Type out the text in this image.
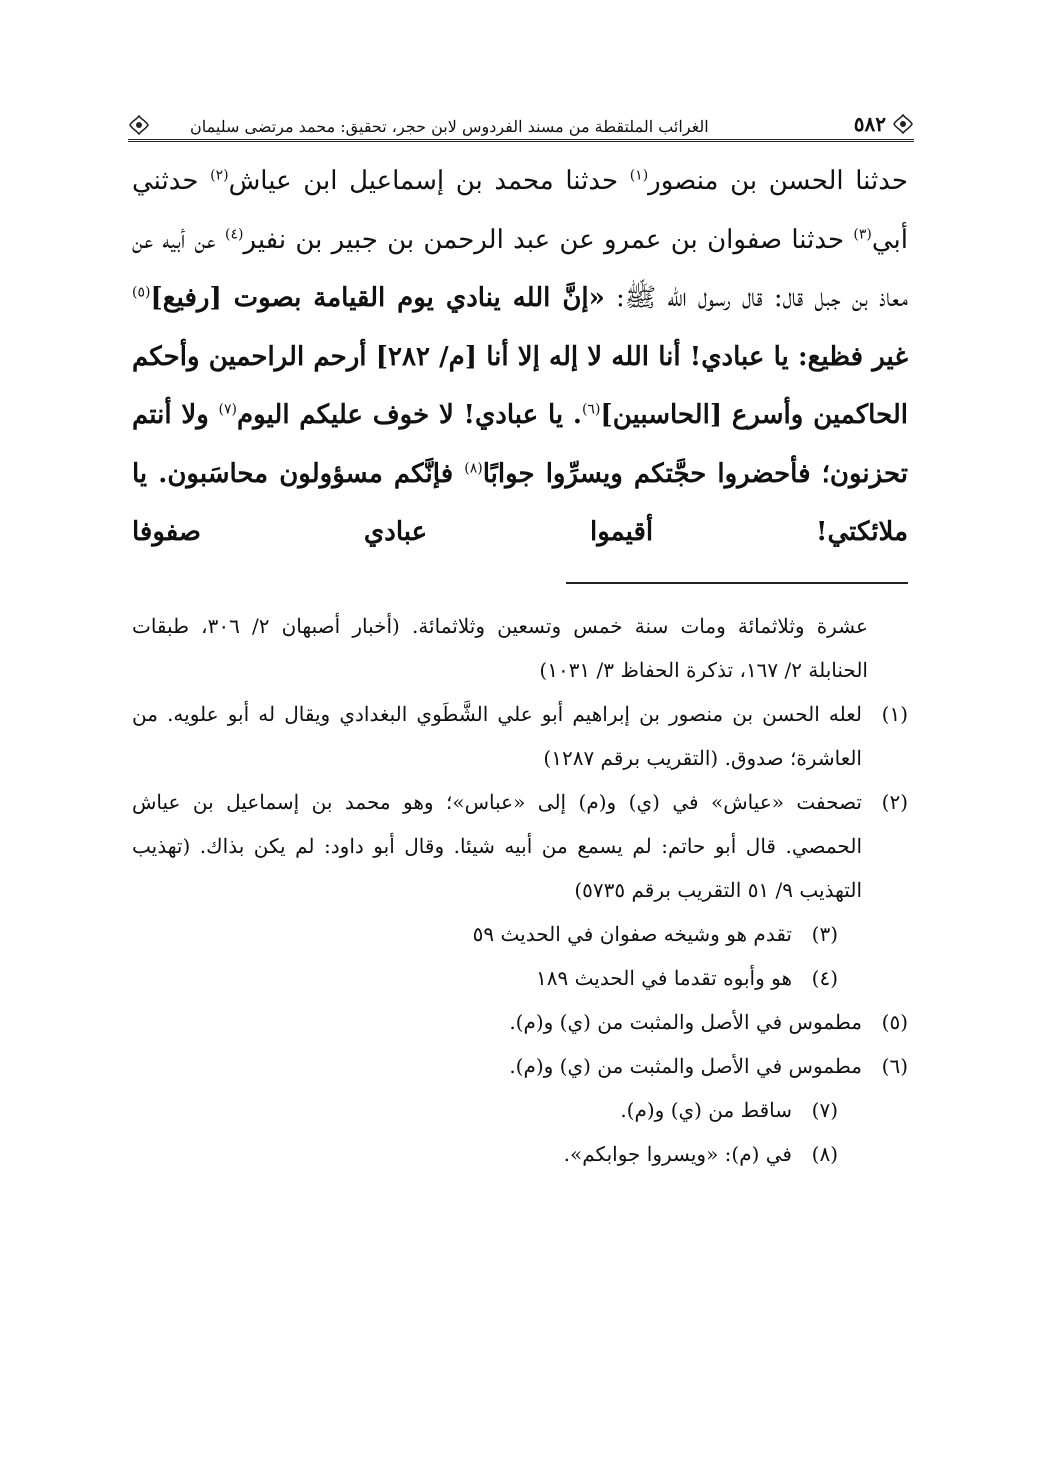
٥٨٢
الغرائب الملتقطة من مسند الفردوس لابن حجر، تحقيق: محمد مرتضى سليمان
حدثنا الحسن بن منصور$^{(١)}$ حدثنا محمد بن إسماعيل ابن عياش$^{(٢)}$ حدثني أبي$^{(٣)}$ حدثنا صفوان بن عمرو عن عبد الرحمن بن جبير بن نفير$^{(٤)}$ عن أبيه عن معاذ بن جبل قال: قال رسول الله ﷺ: «إنَّ الله ينادي يوم القيامة بصوت [رفيع]$^{(٥)}$ غير فظيع: يا عبادي! أنا الله لا إله إلا أنا [م/ ٢٨٢] أرحم الراحمين وأحكم الحاكمين وأسرع [الحاسبين]$^{(٦)}$. يا عبادي! لا خوف عليكم اليوم$^{(٧)}$ ولا أنتم تحزنون؛ فأحضروا حجَّتكم ويسرِّوا جوابًا$^{(٨)}$ فإنَّكم مسؤولون محاسَبون. يا ملائكتي! أقيموا عبادي صفوفا
عشرة وثلاثمائة ومات سنة خمس وتسعين وثلاثمائة. (أخبار أصبهان ٢/ ٣٠٦، طبقات الحنابلة ٢/ ١٦٧، تذكرة الحفاظ ٣/ ١٠٣١)
(١)
لعله الحسن بن منصور بن إبراهيم أبو علي الشَّطَوي البغدادي ويقال له أبو علويه. من العاشرة؛ صدوق. (التقريب برقم ١٢٨٧)
(٢)
تصحفت «عياش» في (ي) و(م) إلى «عباس»؛ وهو محمد بن إسماعيل بن عياش الحمصي. قال أبو حاتم: لم يسمع من أبيه شيئا. وقال أبو داود: لم يكن بذاك. (تهذيب التهذيب ٩/ ٥١ التقريب برقم ٥٧٣٥)
(٣)
تقدم هو وشيخه صفوان في الحديث ٥٩
(٤)
هو وأبوه تقدما في الحديث ١٨٩
(٥)
مطموس في الأصل والمثبت من (ي) و(م).
(٦)
مطموس في الأصل والمثبت من (ي) و(م).
(٧)
ساقط من (ي) و(م).
(٨)
في (م): «ويسروا جوابكم».
